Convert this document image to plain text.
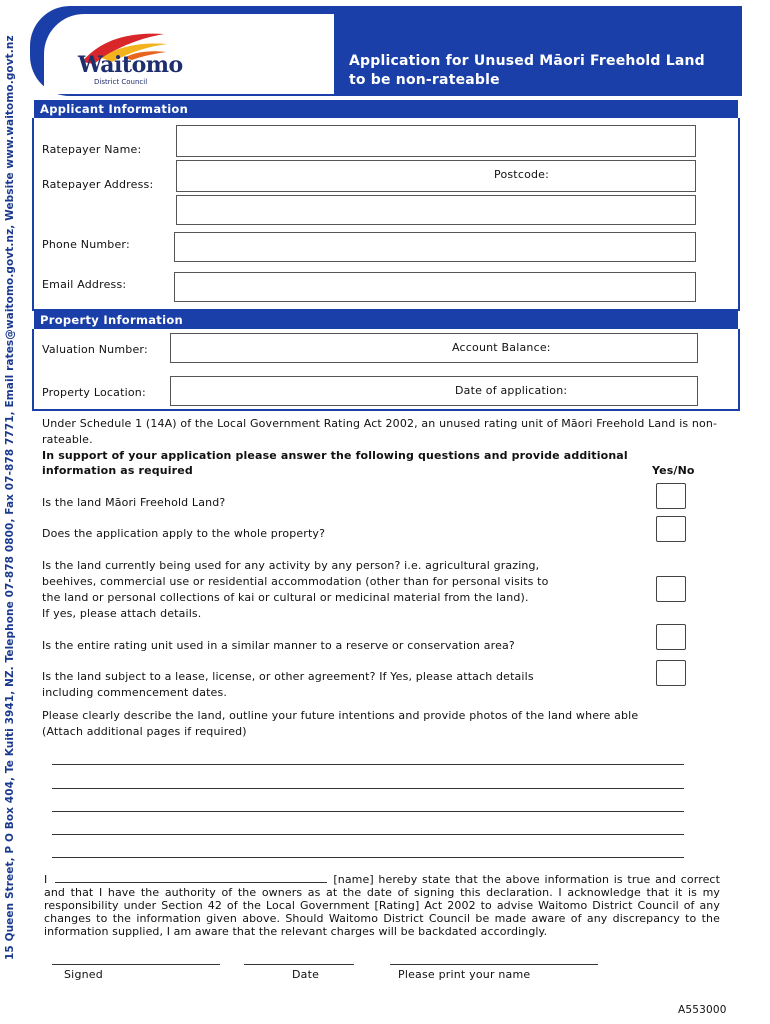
15 Queen Street, P O Box 404, Te Kuiti 3941, NZ. Telephone 07-878 0800, Fax 07-878 7771, Email rates@waitomo.govt.nz, Website www.waitomo.govt.nz	Waitomo
District Council
Application for Unused Māori Freehold Land
to be non-rateable
Applicant Information
Ratepayer Name:
Postcode:
Ratepayer Address:
Phone Number:
Email Address:
Property Information
Valuation Number:	Account Balance:
Property Location:	Date of application:
Under Schedule 1 (14A) of the Local Government Rating Act 2002, an unused rating unit of Māori Freehold Land is non-rateable.
In support of your application please answer the following questions and provide additional
information as required	Yes/No
Is the land Māori Freehold Land?
Does the application apply to the whole property?
Is the land currently being used for any activity by any person? i.e. agricultural grazing,
beehives, commercial use or residential accommodation (other than for personal visits to
the land or personal collections of kai or cultural or medicinal material from the land).
If yes, please attach details.
Is the entire rating unit used in a similar manner to a reserve or conservation area?
Is the land subject to a lease, license, or other agreement? If Yes, please attach details
including commencement dates.
Please clearly describe the land, outline your future intentions and provide photos of the land where able
(Attach additional pages if required)
I	[name] hereby state that the above information is true and correct and that I have the authority of the owners as at the date of signing this declaration. I acknowledge that it is my responsibility under Section 42 of the Local Government [Rating] Act 2002 to advise Waitomo District Council of any changes to the information given above. Should Waitomo District Council be made aware of any discrepancy to the information supplied, I am aware that the relevant charges will be backdated accordingly.
Signed	Date	Please print your name
A553000
